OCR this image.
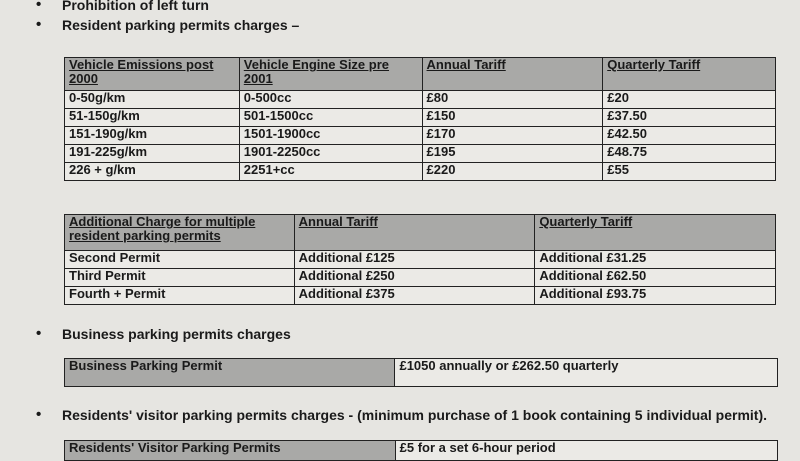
• Prohibition of left turn
• Resident parking permits charges –
Vehicle Emissions post 2000	Vehicle Engine Size pre 2001	Annual Tariff	Quarterly Tariff
0-50g/km	0-500cc	£80	£20
51-150g/km	501-1500cc	£150	£37.50
151-190g/km	1501-1900cc	£170	£42.50
191-225g/km	1901-2250cc	£195	£48.75
226 + g/km	2251+cc	£220	£55
Additional Charge for multiple resident parking permits	Annual Tariff	Quarterly Tariff
Second Permit	Additional £125	Additional £31.25
Third Permit	Additional £250	Additional £62.50
Fourth + Permit	Additional £375	Additional £93.75
• Business parking permits charges
Business Parking Permit	£1050 annually or £262.50 quarterly
• Residents' visitor parking permits charges - (minimum purchase of 1 book containing 5 individual permit).
Residents' Visitor Parking Permits	£5 for a set 6-hour period
